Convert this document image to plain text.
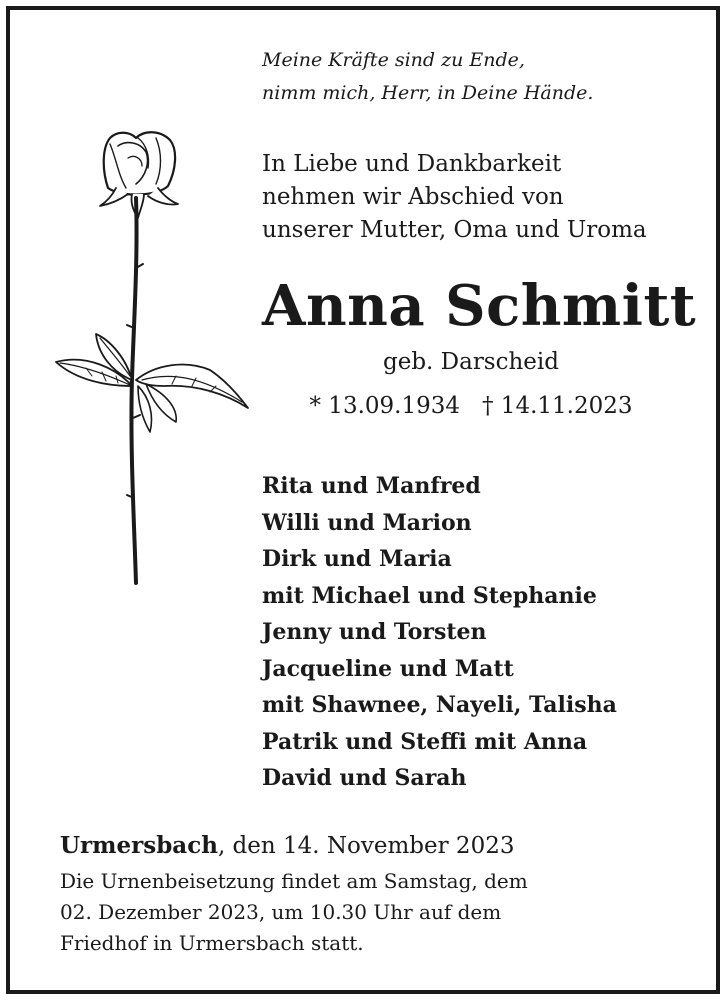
Meine Kräfte sind zu Ende,
nimm mich, Herr, in Deine Hände.
In Liebe und Dankbarkeit
nehmen wir Abschied von
unserer Mutter, Oma und Uroma
Anna Schmitt
geb. Darscheid
* 13.09.1934 † 14.11.2023
Rita und Manfred
Willi und Marion
Dirk und Maria
mit Michael und Stephanie
Jenny und Torsten
Jacqueline und Matt
mit Shawnee, Nayeli, Talisha
Patrik und Steffi mit Anna
David und Sarah
Urmersbach, den 14. November 2023
Die Urnenbeisetzung findet am Samstag, dem
02. Dezember 2023, um 10.30 Uhr auf dem
Friedhof in Urmersbach statt.
